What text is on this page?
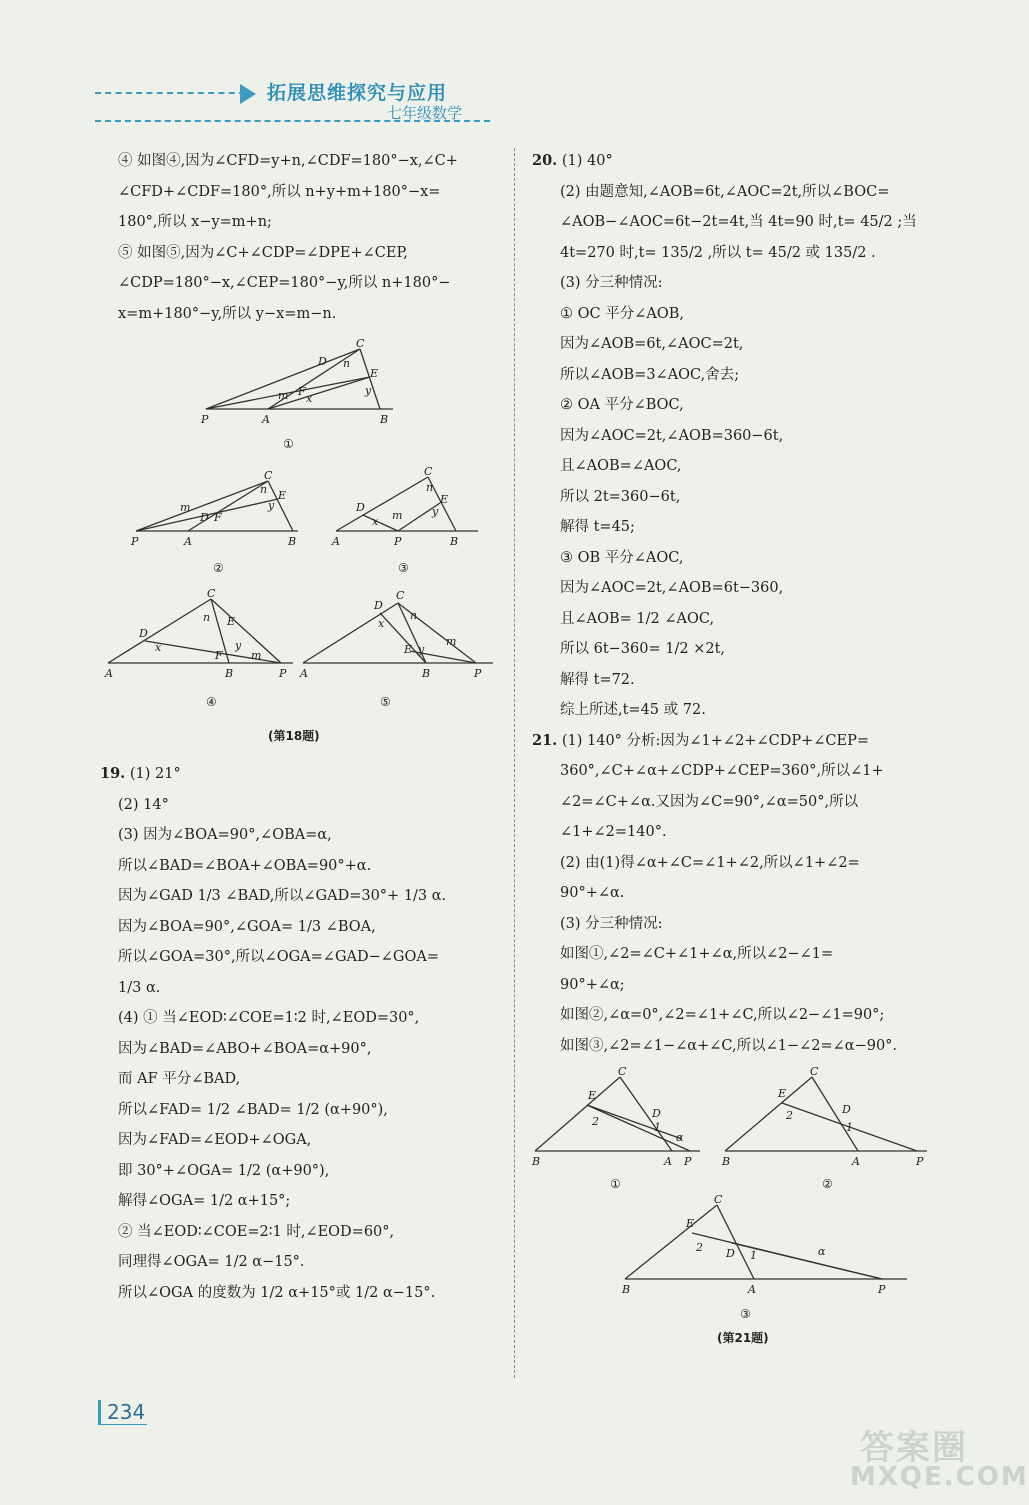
拓展思维探究与应用
七年级数学

④ 如图④,因为∠CFD=y+n,∠CDF=180°−x,∠C+

∠CFD+∠CDF=180°,所以 n+y+m+180°−x=

180°,所以 x−y=m+n;

⑤ 如图⑤,因为∠C+∠CDP=∠DPE+∠CEP,

∠CDP=180°−x,∠CEP=180°−y,所以 n+180°−

x=m+180°−y,所以 y−x=m−n.

P	A	B
C
D
E
n
m F
x
y
①
P	A	B
C
E
F
m
D
n
y
②
A	P	B
C
D
E
x m
n
y
③
A	B	P
C
D
E
F
x
n
y
m
④
A	B	P
D
C
n
x
E y
m
⑤
(第18题)

19. (1) 21°

(2) 14°

(3) 因为∠BOA=90°,∠OBA=α,

所以∠BAD=∠BOA+∠OBA=90°+α.

因为∠GAD 1/3 ∠BAD,所以∠GAD=30°+ 1/3 α.

因为∠BOA=90°,∠GOA= 1/3 ∠BOA,

所以∠GOA=30°,所以∠OGA=∠GAD−∠GOA=

1/3 α.

(4) ① 当∠EOD∶∠COE=1∶2 时,∠EOD=30°,

因为∠BAD=∠ABO+∠BOA=α+90°,

而 AF 平分∠BAD,

所以∠FAD= 1/2 ∠BAD= 1/2 (α+90°),

因为∠FAD=∠EOD+∠OGA,

即 30°+∠OGA= 1/2 (α+90°),

解得∠OGA= 1/2 α+15°;

② 当∠EOD∶∠COE=2∶1 时,∠EOD=60°,

同理得∠OGA= 1/2 α−15°.

所以∠OGA 的度数为 1/2 α+15°或 1/2 α−15°.

20. (1) 40°

(2) 由题意知,∠AOB=6t,∠AOC=2t,所以∠BOC=

∠AOB−∠AOC=6t−2t=4t,当 4t=90 时,t= 45/2 ;当

4t=270 时,t= 135/2 ,所以 t= 45/2 或 135/2 .

(3) 分三种情况:

① OC 平分∠AOB,

因为∠AOB=6t,∠AOC=2t,

所以∠AOB=3∠AOC,舍去;

② OA 平分∠BOC,

因为∠AOC=2t,∠AOB=360−6t,

且∠AOB=∠AOC,

所以 2t=360−6t,

解得 t=45;

③ OB 平分∠AOC,

因为∠AOC=2t,∠AOB=6t−360,

且∠AOB= 1/2 ∠AOC,

所以 6t−360= 1/2 ×2t,

解得 t=72.

综上所述,t=45 或 72.

21. (1) 140° 分析:因为∠1+∠2+∠CDP+∠CEP=

360°,∠C+∠α+∠CDP+∠CEP=360°,所以∠1+

∠2=∠C+∠α.又因为∠C=90°,∠α=50°,所以

∠1+∠2=140°.

(2) 由(1)得∠α+∠C=∠1+∠2,所以∠1+∠2=

90°+∠α.

(3) 分三种情况:

如图①,∠2=∠C+∠1+∠α,所以∠2−∠1=

90°+∠α;

如图②,∠α=0°,∠2=∠1+∠C,所以∠2−∠1=90°;

如图③,∠2=∠1−∠α+∠C,所以∠1−∠2=∠α−90°.

B	A P
C
E
D
2	1
α
①
B	A	P
C
E
D
2
1
②
B	A	P
C
E
D
2
1	α
③
(第21题)
234
答案圈
MXQE.COM
